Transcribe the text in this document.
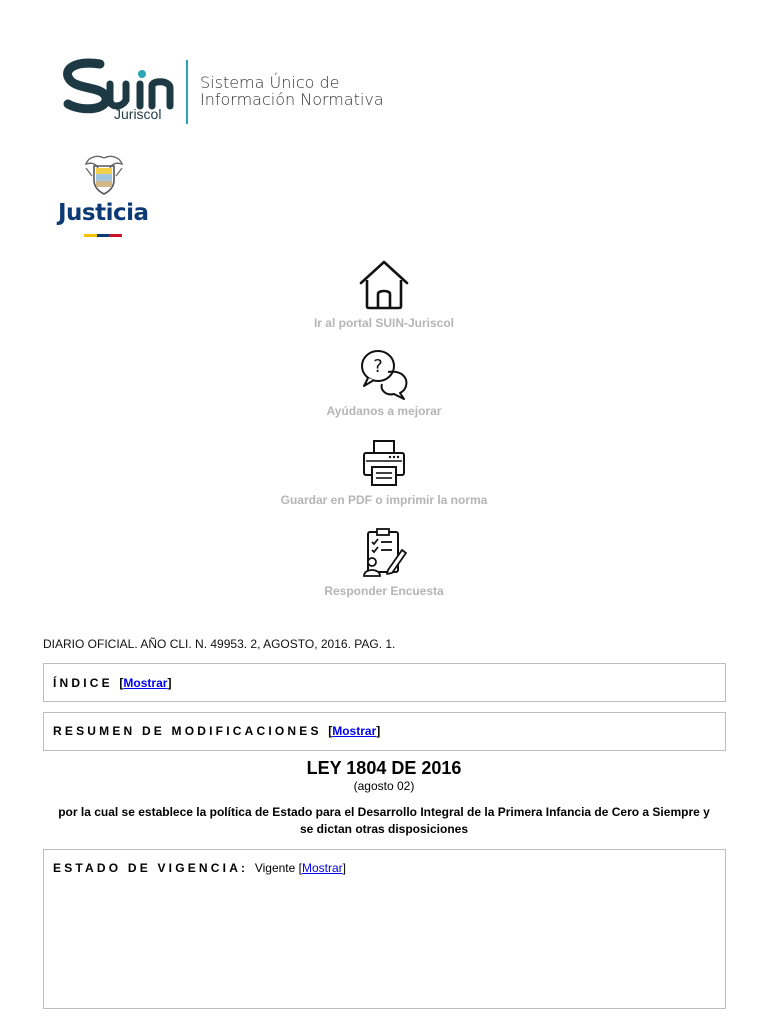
Juriscol
Sistema Único de
Información Normativa
Justicia
Ir al portal SUIN-Juriscol
?
Ayúdanos a mejorar
Guardar en PDF o imprimir la norma
Responder Encuesta
DIARIO OFICIAL. AÑO CLI. N. 49953. 2, AGOSTO, 2016. PAG. 1.
ÍNDICE [Mostrar]
RESUMEN DE MODIFICACIONES [Mostrar]
LEY 1804 DE 2016
(agosto 02)
por la cual se establece la política de Estado para el Desarrollo Integral de la Primera Infancia de Cero a Siempre y se dictan otras disposiciones
ESTADO DE VIGENCIA: Vigente [Mostrar]
